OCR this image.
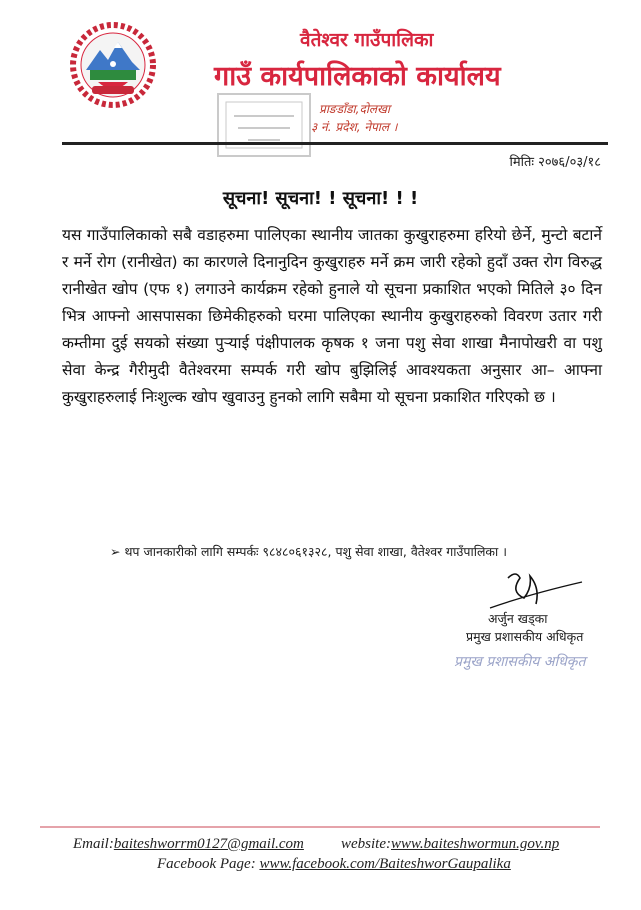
वैतेश्वर गाउँपालिका
गाउँ कार्यपालिकाको कार्यालय
प्राङडाँडा,दोलखा
३ नं. प्रदेश, नेपाल ।
मितिः २०७६/०३/१८
सूचना! सूचना! ! सूचना! ! !
यस गाउँपालिकाको सबै वडाहरुमा पालिएका स्थानीय जातका कुखुराहरुमा हरियो छेर्ने, मुन्टो बटार्ने र मर्ने रोग (रानीखेत) का कारणले दिनानुदिन कुखुराहरु मर्ने क्रम जारी रहेको हुदाँ उक्त रोग विरुद्ध रानीखेत खोप (एफ १) लगाउने कार्यक्रम रहेको हुनाले यो सूचना प्रकाशित भएको मितिले ३० दिन भित्र आफ्नो आसपासका छिमेकीहरुको घरमा पालिएका स्थानीय कुखुराहरुको विवरण उतार गरी कम्तीमा दुई सयको संख्या पुऱ्याई पंक्षीपालक कृषक १ जना पशु सेवा शाखा मैनापोखरी वा पशु सेवा केन्द्र गैरीमुदी वैतेश्वरमा सम्पर्क गरी खोप बुझिलिई आवश्यकता अनुसार आ– आफ्ना कुखुराहरुलाई निःशुल्क खोप खुवाउनु हुनको लागि सबैमा यो सूचना प्रकाशित गरिएको छ ।
➢ थप जानकारीको लागि सम्पर्कः ९८४८०६१३२८, पशु सेवा शाखा, वैतेश्वर गाउँपालिका ।
अर्जुन खड्का
प्रमुख प्रशासकीय अधिकृत
प्रमुख प्रशासकीय अधिकृत
Email:baiteshworrm0127@gmail.com website:www.baiteshwormun.gov.np
Facebook Page: www.facebook.com/BaiteshworGaupalika
